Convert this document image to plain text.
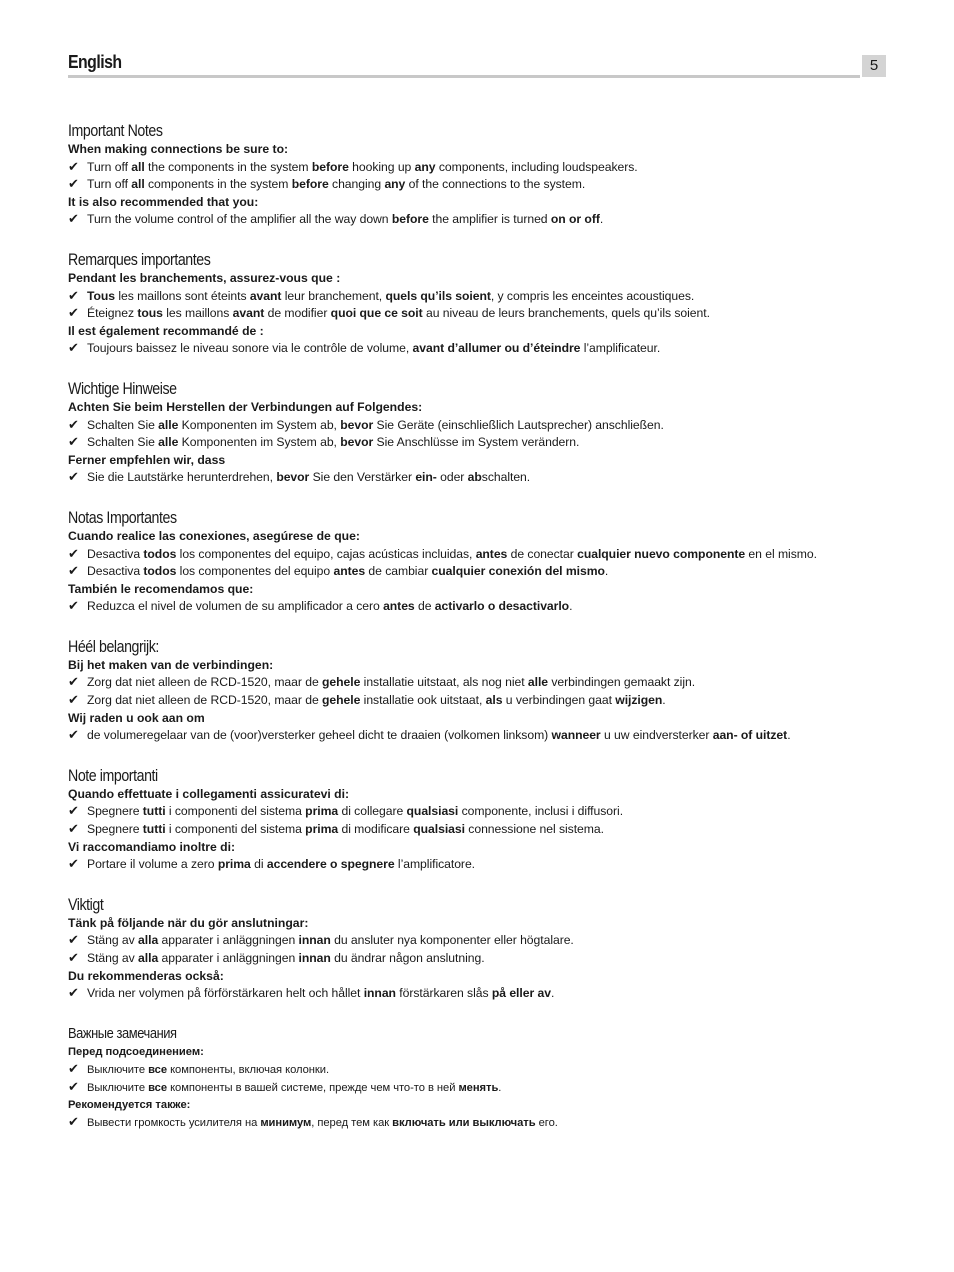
English	5
Important Notes
When making connections be sure to:
✔ Turn off all the components in the system before hooking up any components, including loudspeakers.
✔ Turn off all components in the system before changing any of the connections to the system.
It is also recommended that you:
✔ Turn the volume control of the amplifier all the way down before the amplifier is turned on or off.
Remarques importantes
Pendant les branchements, assurez-vous que :
✔ Tous les maillons sont éteints avant leur branchement, quels qu’ils soient, y compris les enceintes acoustiques.
✔ Éteignez tous les maillons avant de modifier quoi que ce soit au niveau de leurs branchements, quels qu’ils soient.
Il est également recommandé de :
✔ Toujours baissez le niveau sonore via le contrôle de volume, avant d’allumer ou d’éteindre l’amplificateur.
Wichtige Hinweise
Achten Sie beim Herstellen der Verbindungen auf Folgendes:
✔ Schalten Sie alle Komponenten im System ab, bevor Sie Geräte (einschließlich Lautsprecher) anschließen.
✔ Schalten Sie alle Komponenten im System ab, bevor Sie Anschlüsse im System verändern.
Ferner empfehlen wir, dass
✔ Sie die Lautstärke herunterdrehen, bevor Sie den Verstärker ein- oder abschalten.
Notas Importantes
Cuando realice las conexiones, asegúrese de que:
✔ Desactiva todos los componentes del equipo, cajas acústicas incluidas, antes de conectar cualquier nuevo componente en el mismo.
✔ Desactiva todos los componentes del equipo antes de cambiar cualquier conexión del mismo.
También le recomendamos que:
✔ Reduzca el nivel de volumen de su amplificador a cero antes de activarlo o desactivarlo.
Héél belangrijk:
Bij het maken van de verbindingen:
✔ Zorg dat niet alleen de RCD-1520, maar de gehele installatie uitstaat, als nog niet alle verbindingen gemaakt zijn.
✔ Zorg dat niet alleen de RCD-1520, maar de gehele installatie ook uitstaat, als u verbindingen gaat wijzigen.
Wij raden u ook aan om
✔ de volumeregelaar van de (voor)versterker geheel dicht te draaien (volkomen linksom) wanneer u uw eindversterker aan- of uitzet.
Note importanti
Quando effettuate i collegamenti assicuratevi di:
✔ Spegnere tutti i componenti del sistema prima di collegare qualsiasi componente, inclusi i diffusori.
✔ Spegnere tutti i componenti del sistema prima di modificare qualsiasi connessione nel sistema.
Vi raccomandiamo inoltre di:
✔ Portare il volume a zero prima di accendere o spegnere l’amplificatore.
Viktigt
Tänk på följande när du gör anslutningar:
✔ Stäng av alla apparater i anläggningen innan du ansluter nya komponenter eller högtalare.
✔ Stäng av alla apparater i anläggningen innan du ändrar någon anslutning.
Du rekommenderas också:
✔ Vrida ner volymen på förförstärkaren helt och hållet innan förstärkaren slås på eller av.
Важные замечания
Перед подсоединением:
✔ Выключите все компоненты, включая колонки.
✔ Выключите все компоненты в вашей системе, прежде чем что-то в ней менять.
Рекомендуется также:
✔ Вывести громкость усилителя на минимум, перед тем как включать или выключать его.
